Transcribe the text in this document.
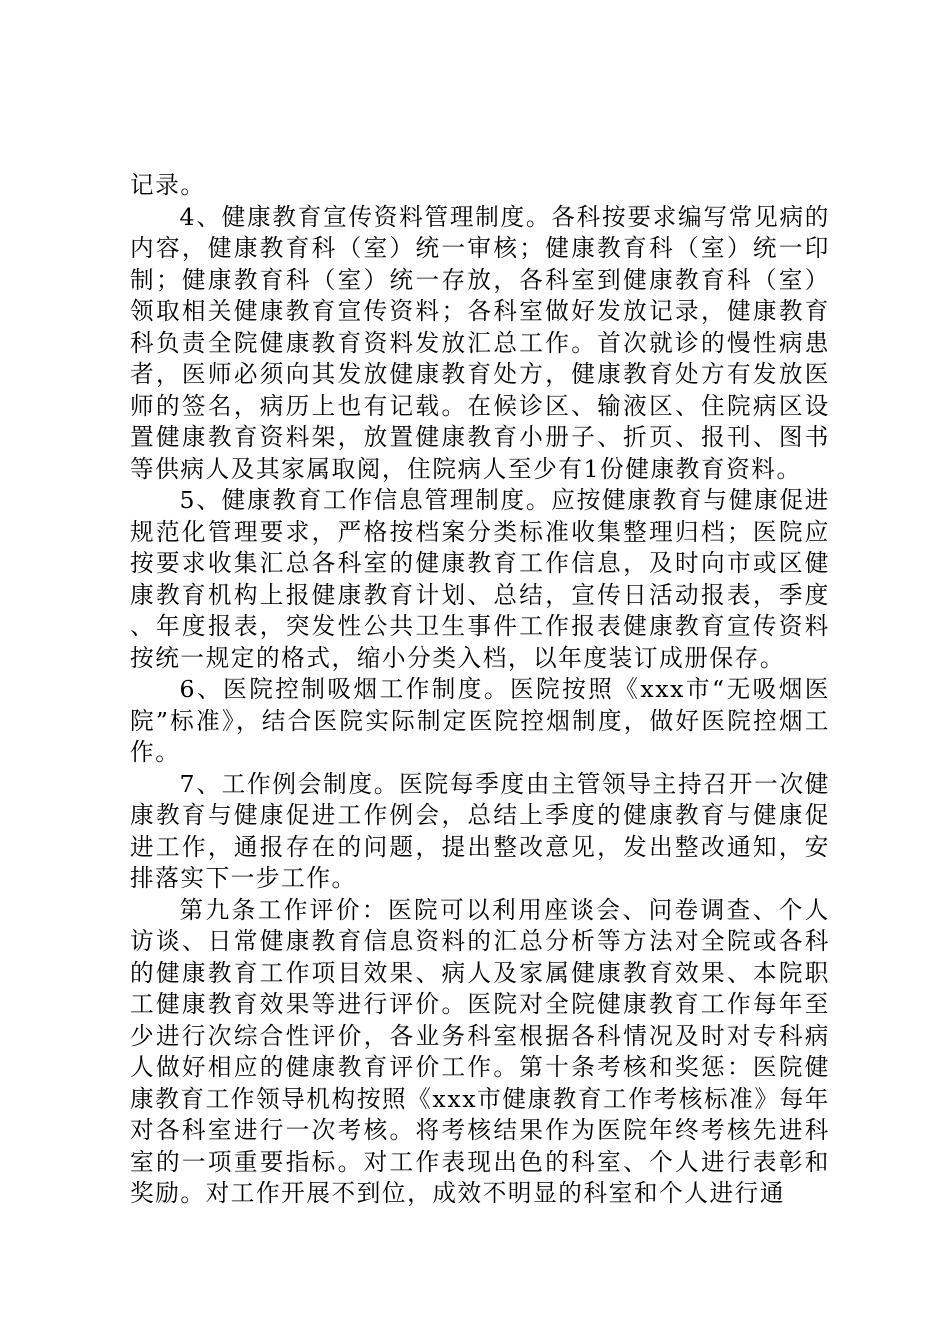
记录。

4、健康教育宣传资料管理制度。各科按要求编写常见病的内容，健康教育科（室）统一审核；健康教育科（室）统一印制；健康教育科（室）统一存放，各科室到健康教育科（室）领取相关健康教育宣传资料；各科室做好发放记录，健康教育科负责全院健康教育资料发放汇总工作。首次就诊的慢性病患者，医师必须向其发放健康教育处方，健康教育处方有发放医师的签名，病历上也有记载。在候诊区、输液区、住院病区设置健康教育资料架，放置健康教育小册子、折页、报刊、图书等供病人及其家属取阅，住院病人至少有1份健康教育资料。

5、健康教育工作信息管理制度。应按健康教育与健康促进规范化管理要求，严格按档案分类标准收集整理归档；医院应按要求收集汇总各科室的健康教育工作信息，及时向市或区健康教育机构上报健康教育计划、总结，宣传日活动报表，季度、年度报表，突发性公共卫生事件工作报表健康教育宣传资料按统一规定的格式，缩小分类入档，以年度装订成册保存。

6、医院控制吸烟工作制度。医院按照《xxx市“无吸烟医院”标准》，结合医院实际制定医院控烟制度，做好医院控烟工作。

7、工作例会制度。医院每季度由主管领导主持召开一次健康教育与健康促进工作例会，总结上季度的健康教育与健康促进工作，通报存在的问题，提出整改意见，发出整改通知，安排落实下一步工作。

第九条工作评价：医院可以利用座谈会、问卷调查、个人访谈、日常健康教育信息资料的汇总分析等方法对全院或各科的健康教育工作项目效果、病人及家属健康教育效果、本院职工健康教育效果等进行评价。医院对全院健康教育工作每年至少进行次综合性评价，各业务科室根据各科情况及时对专科病人做好相应的健康教育评价工作。第十条考核和奖惩：医院健康教育工作领导机构按照《xxx市健康教育工作考核标准》每年对各科室进行一次考核。将考核结果作为医院年终考核先进科室的一项重要指标。对工作表现出色的科室、个人进行表彰和奖励。对工作开展不到位，成效不明显的科室和个人进行通
